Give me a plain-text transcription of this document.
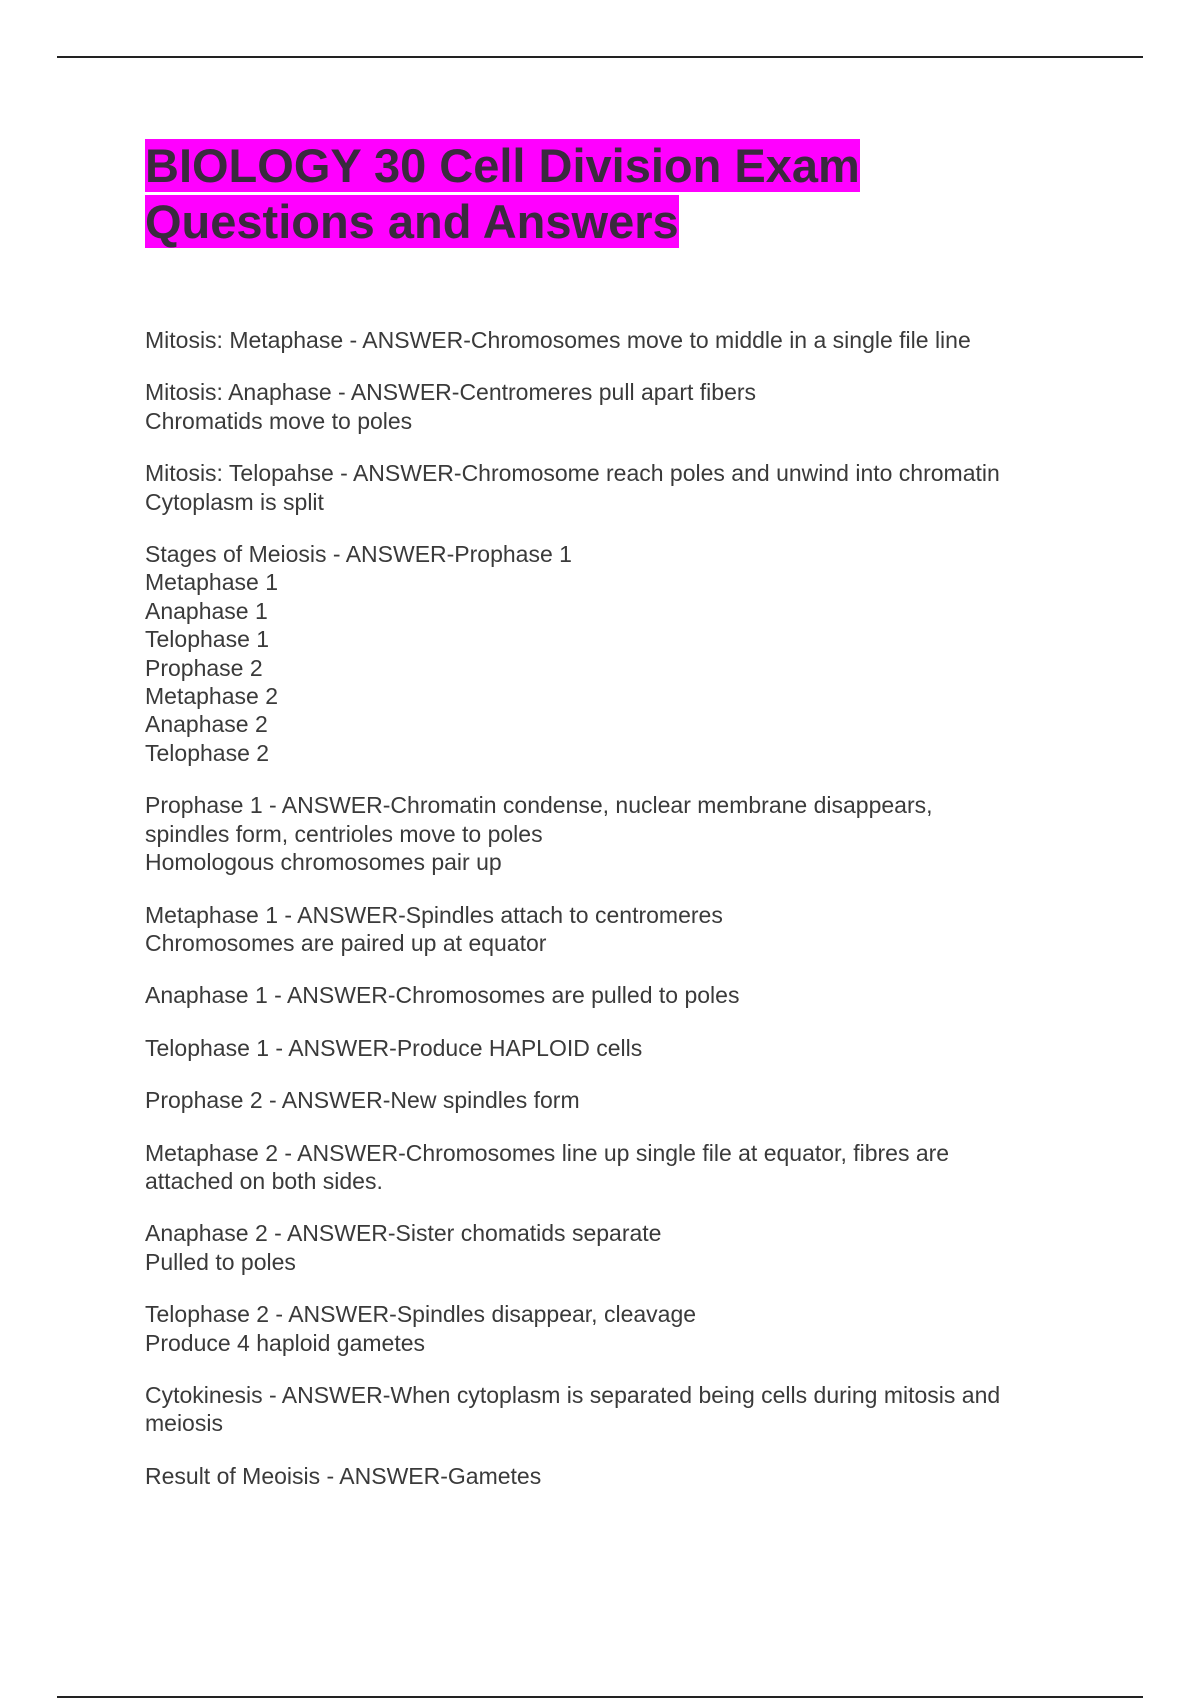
BIOLOGY 30 Cell Division Exam
Questions and Answers
Mitosis: Metaphase - ANSWER-Chromosomes move to middle in a single file line
Mitosis: Anaphase - ANSWER-Centromeres pull apart fibers
Chromatids move to poles
Mitosis: Telopahse - ANSWER-Chromosome reach poles and unwind into chromatin
Cytoplasm is split
Stages of Meiosis - ANSWER-Prophase 1
Metaphase 1
Anaphase 1
Telophase 1
Prophase 2
Metaphase 2
Anaphase 2
Telophase 2
Prophase 1 - ANSWER-Chromatin condense, nuclear membrane disappears,
spindles form, centrioles move to poles
Homologous chromosomes pair up
Metaphase 1 - ANSWER-Spindles attach to centromeres
Chromosomes are paired up at equator
Anaphase 1 - ANSWER-Chromosomes are pulled to poles
Telophase 1 - ANSWER-Produce HAPLOID cells
Prophase 2 - ANSWER-New spindles form
Metaphase 2 - ANSWER-Chromosomes line up single file at equator, fibres are
attached on both sides.
Anaphase 2 - ANSWER-Sister chomatids separate
Pulled to poles
Telophase 2 - ANSWER-Spindles disappear, cleavage
Produce 4 haploid gametes
Cytokinesis - ANSWER-When cytoplasm is separated being cells during mitosis and
meiosis
Result of Meoisis - ANSWER-Gametes
